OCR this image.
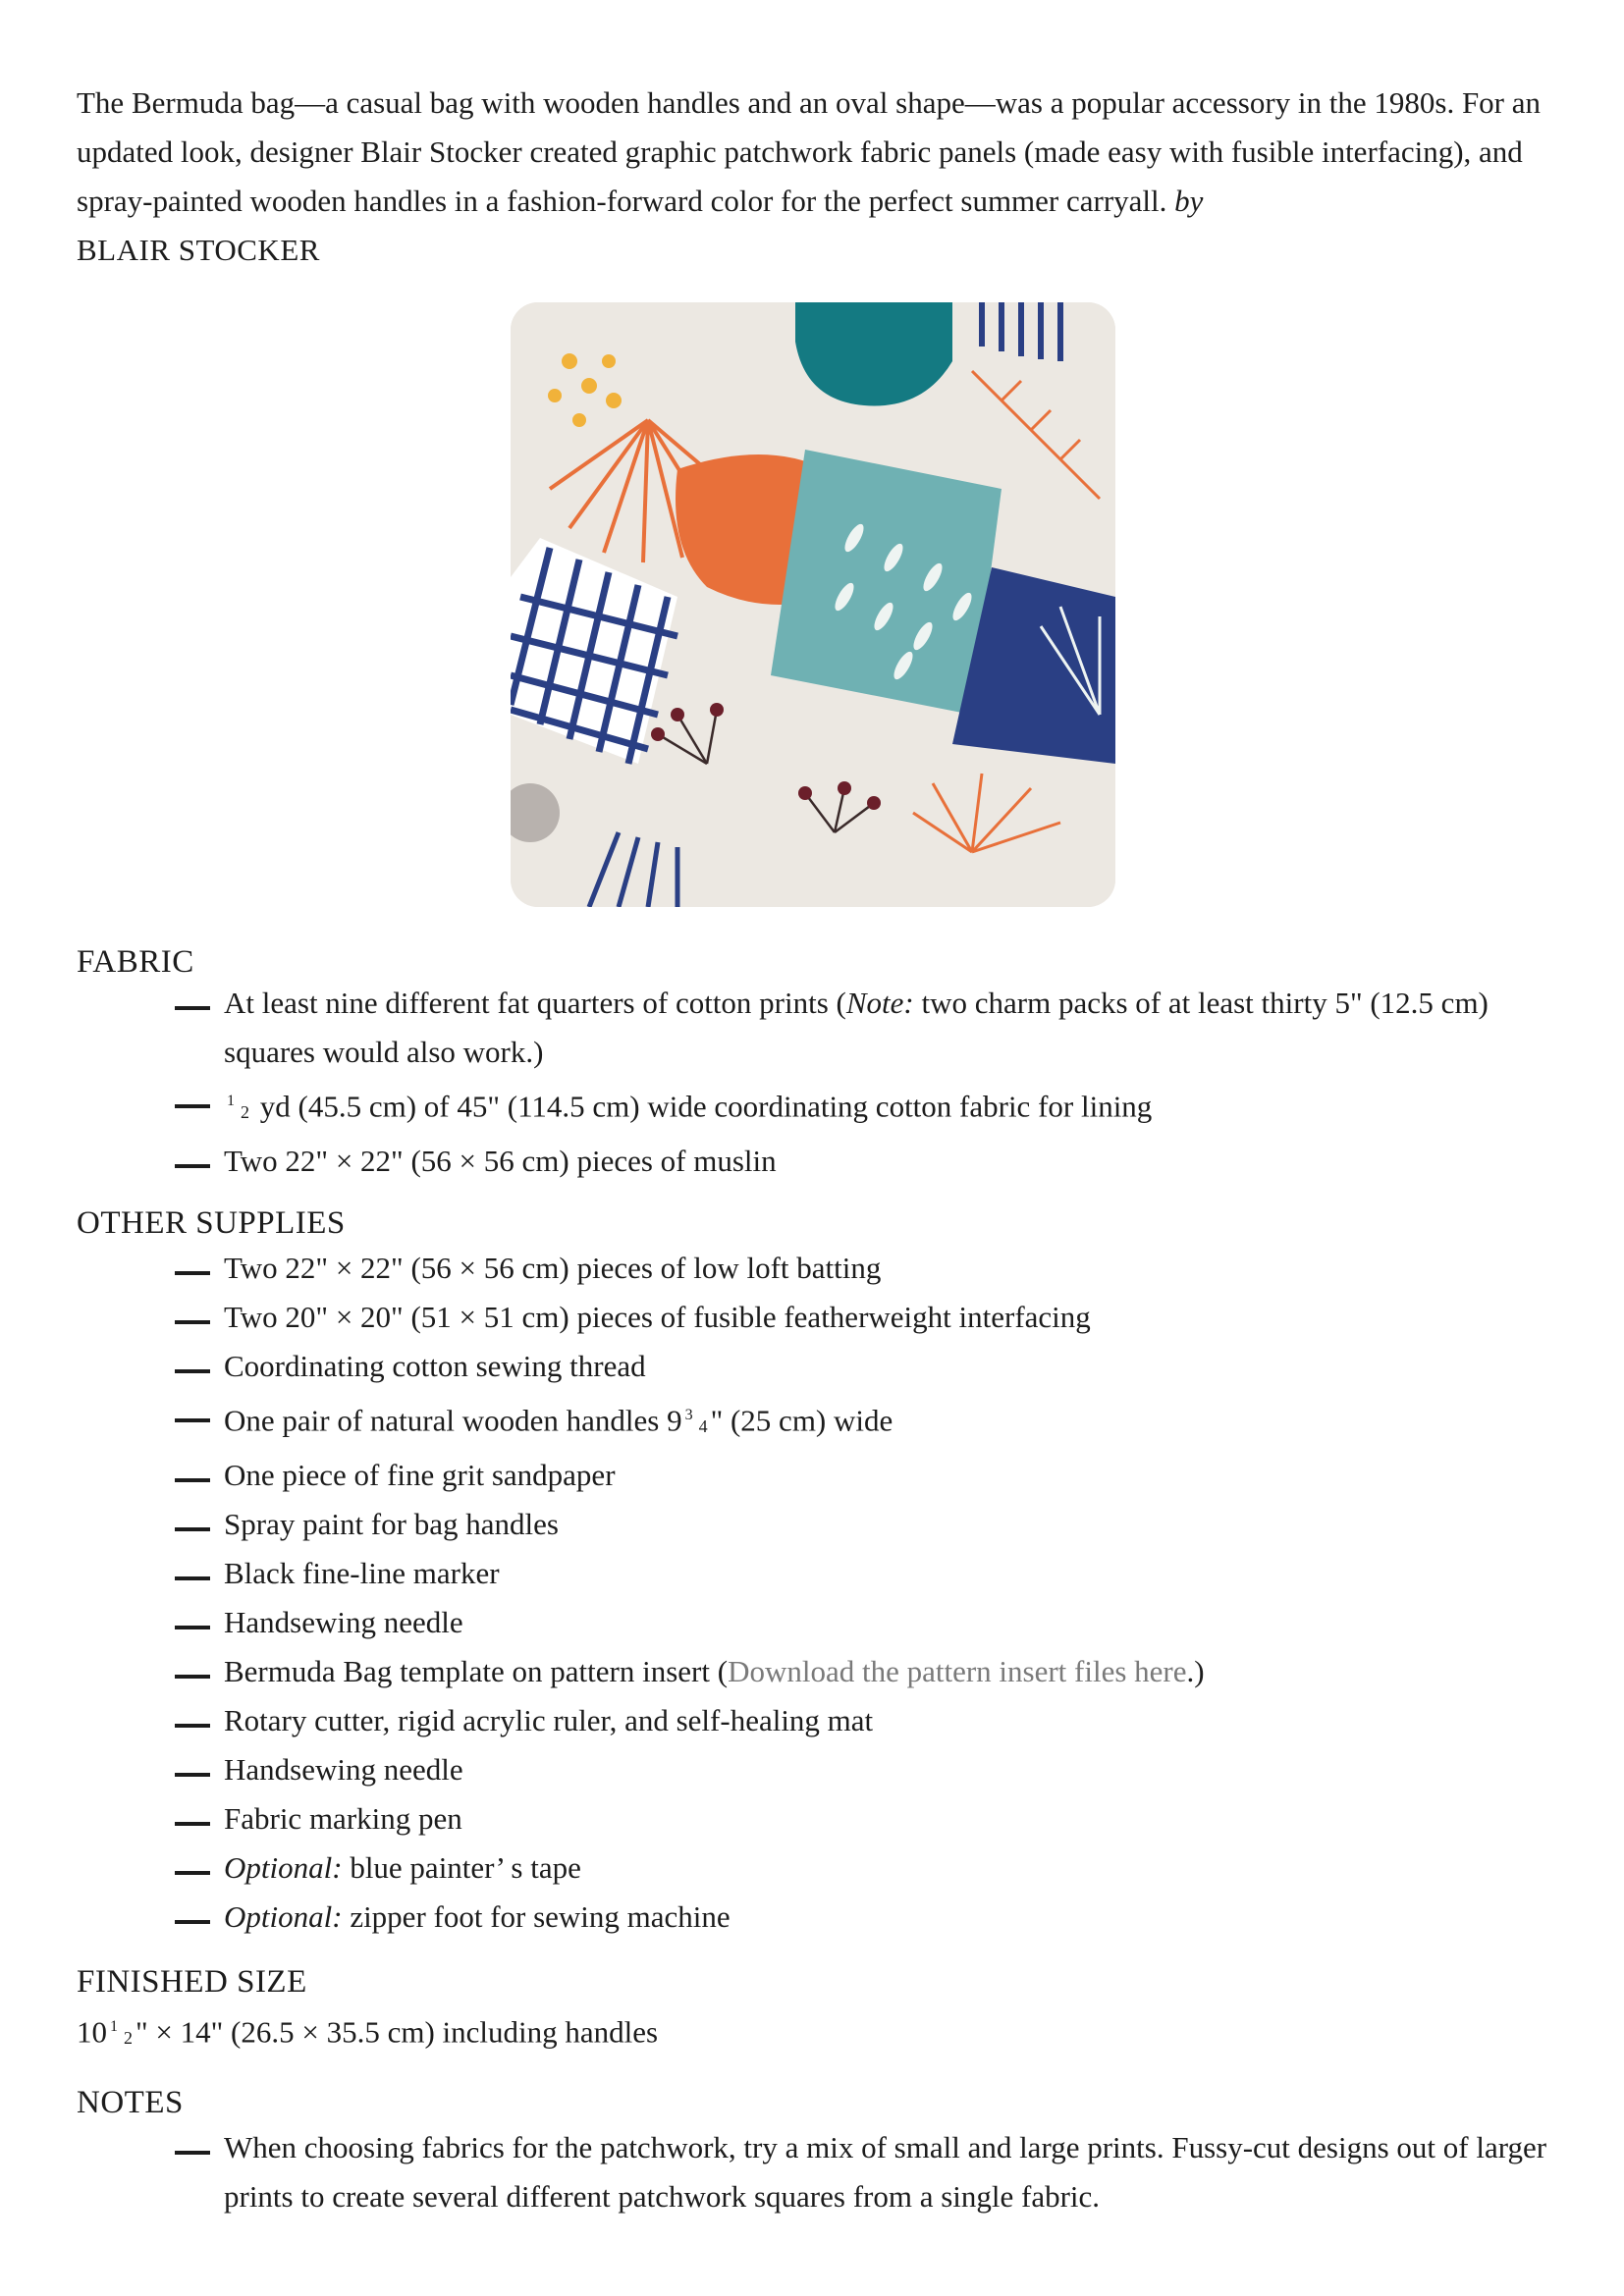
The Bermuda bag—a casual bag with wooden handles and an oval shape—was a popular accessory in the 1980s. For an updated look, designer Blair Stocker created graphic patchwork fabric panels (made easy with fusible interfacing), and spray-painted wooden handles in a fashion-forward color for the perfect summer carryall. by
BLAIR STOCKER

FABRIC
At least nine different fat quarters of cotton prints (Note: two charm packs of at least thirty 5" (12.5 cm) squares would also work.)
$^1$2 yd (45.5 cm) of 45" (114.5 cm) wide coordinating cotton fabric for lining
Two 22" × 22" (56 × 56 cm) pieces of muslin
OTHER SUPPLIES
Two 22" × 22" (56 × 56 cm) pieces of low loft batting
Two 20" × 20" (51 × 51 cm) pieces of fusible featherweight interfacing
Coordinating cotton sewing thread
One pair of natural wooden handles 9 $^3$4" (25 cm) wide
One piece of fine grit sandpaper
Spray paint for bag handles
Black fine-line marker
Handsewing needle
Bermuda Bag template on pattern insert (Download the pattern insert files here.)
Rotary cutter, rigid acrylic ruler, and self-healing mat
Handsewing needle
Fabric marking pen
Optional: blue painter’ s tape
Optional: zipper foot for sewing machine
FINISHED SIZE

10 $^1$2" × 14" (26.5 × 35.5 cm) including handles

NOTES
When choosing fabrics for the patchwork, try a mix of small and large prints. Fussy-cut designs out of larger prints to create several different patchwork squares from a single fabric.
